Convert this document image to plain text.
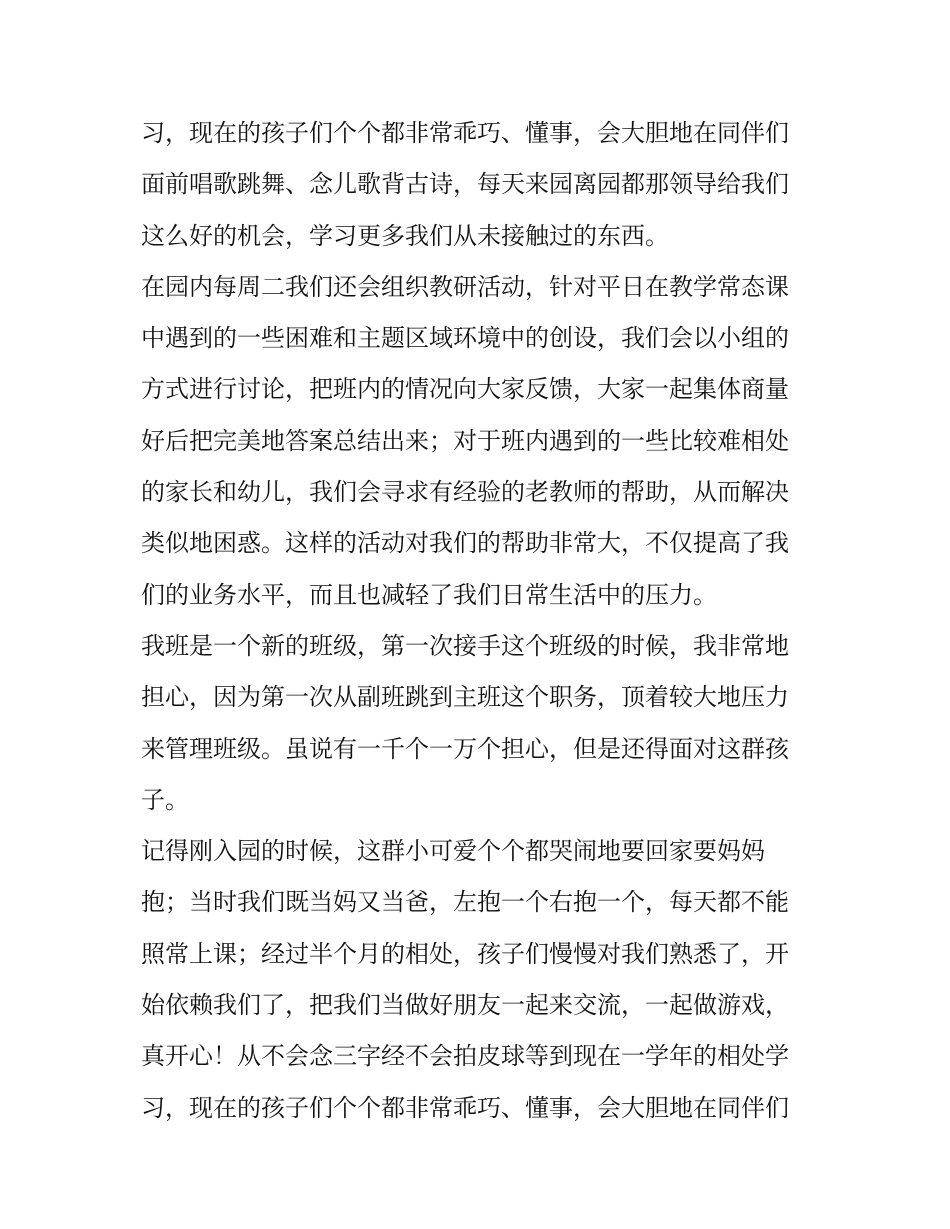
习，现在的孩子们个个都非常乖巧、懂事，会大胆地在同伴们
面前唱歌跳舞、念儿歌背古诗，每天来园离园都那领导给我们
这么好的机会，学习更多我们从未接触过的东西。
在园内每周二我们还会组织教研活动，针对平日在教学常态课
中遇到的一些困难和主题区域环境中的创设，我们会以小组的
方式进行讨论，把班内的情况向大家反馈，大家一起集体商量
好后把完美地答案总结出来；对于班内遇到的一些比较难相处
的家长和幼儿，我们会寻求有经验的老教师的帮助，从而解决
类似地困惑。这样的活动对我们的帮助非常大，不仅提高了我
们的业务水平，而且也减轻了我们日常生活中的压力。
我班是一个新的班级，第一次接手这个班级的时候，我非常地
担心，因为第一次从副班跳到主班这个职务，顶着较大地压力
来管理班级。虽说有一千个一万个担心，但是还得面对这群孩
子。
记得刚入园的时候，这群小可爱个个都哭闹地要回家要妈妈
抱；当时我们既当妈又当爸，左抱一个右抱一个，每天都不能
照常上课；经过半个月的相处，孩子们慢慢对我们熟悉了，开
始依赖我们了，把我们当做好朋友一起来交流，一起做游戏，
真开心！从不会念三字经不会拍皮球等到现在一学年的相处学
习，现在的孩子们个个都非常乖巧、懂事，会大胆地在同伴们
